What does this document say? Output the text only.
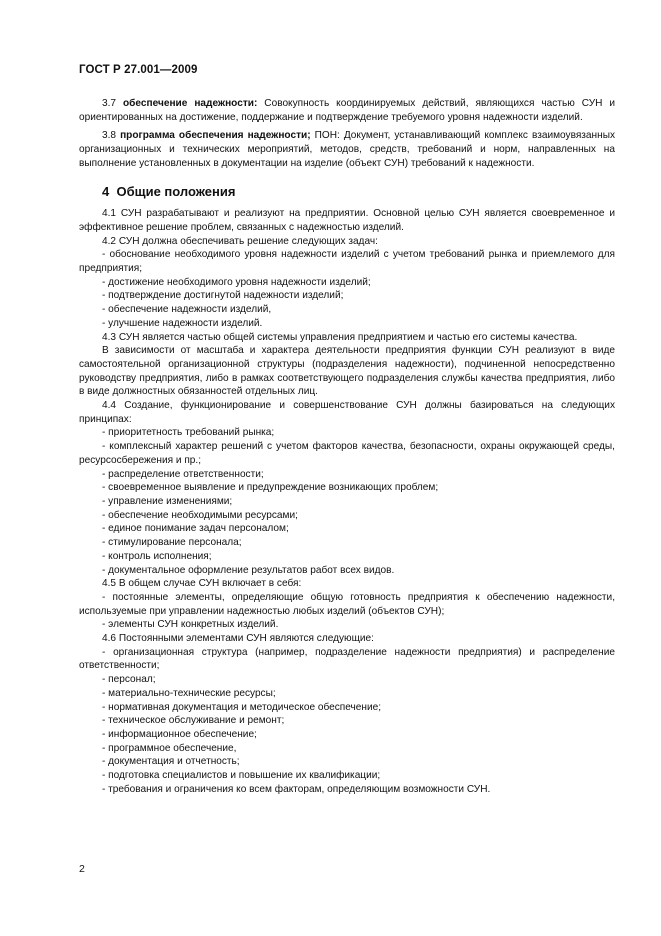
ГОСТ Р 27.001—2009

3.7 обеспечение надежности: Совокупность координируемых действий, являющихся частью СУН и ориентированных на достижение, поддержание и подтверждение требуемого уровня надежности изделий.

3.8 программа обеспечения надежности; ПОН: Документ, устанавливающий комплекс взаимоувязанных организационных и технических мероприятий, методов, средств, требований и норм, направленных на выполнение установленных в документации на изделие (объект СУН) требований к надежности.

4 Общие положения

4.1 СУН разрабатывают и реализуют на предприятии. Основной целью СУН является своевременное и эффективное решение проблем, связанных с надежностью изделий.

4.2 СУН должна обеспечивать решение следующих задач:

- обоснование необходимого уровня надежности изделий с учетом требований рынка и приемлемого для предприятия;

- достижение необходимого уровня надежности изделий;

- подтверждение достигнутой надежности изделий;

- обеспечение надежности изделий,

- улучшение надежности изделий.

4.3 СУН является частью общей системы управления предприятием и частью его системы качества.

В зависимости от масштаба и характера деятельности предприятия функции СУН реализуют в виде самостоятельной организационной структуры (подразделения надежности), подчиненной непосредственно руководству предприятия, либо в рамках соответствующего подразделения службы качества предприятия, либо в виде должностных обязанностей отдельных лиц.

4.4 Создание, функционирование и совершенствование СУН должны базироваться на следующих принципах:

- приоритетность требований рынка;

- комплексный характер решений с учетом факторов качества, безопасности, охраны окружающей среды, ресурсосбережения и пр.;

- распределение ответственности;

- своевременное выявление и предупреждение возникающих проблем;

- управление изменениями;

- обеспечение необходимыми ресурсами;

- единое понимание задач персоналом;

- стимулирование персонала;

- контроль исполнения;

- документальное оформление результатов работ всех видов.

4.5 В общем случае СУН включает в себя:

- постоянные элементы, определяющие общую готовность предприятия к обеспечению надежности, используемые при управлении надежностью любых изделий (объектов СУН);

- элементы СУН конкретных изделий.

4.6 Постоянными элементами СУН являются следующие:

- организационная структура (например, подразделение надежности предприятия) и распределение ответственности;

- персонал;

- материально-технические ресурсы;

- нормативная документация и методическое обеспечение;

- техническое обслуживание и ремонт;

- информационное обеспечение;

- программное обеспечение,

- документация и отчетность;

- подготовка специалистов и повышение их квалификации;

- требования и ограничения ко всем факторам, определяющим возможности СУН.

2
